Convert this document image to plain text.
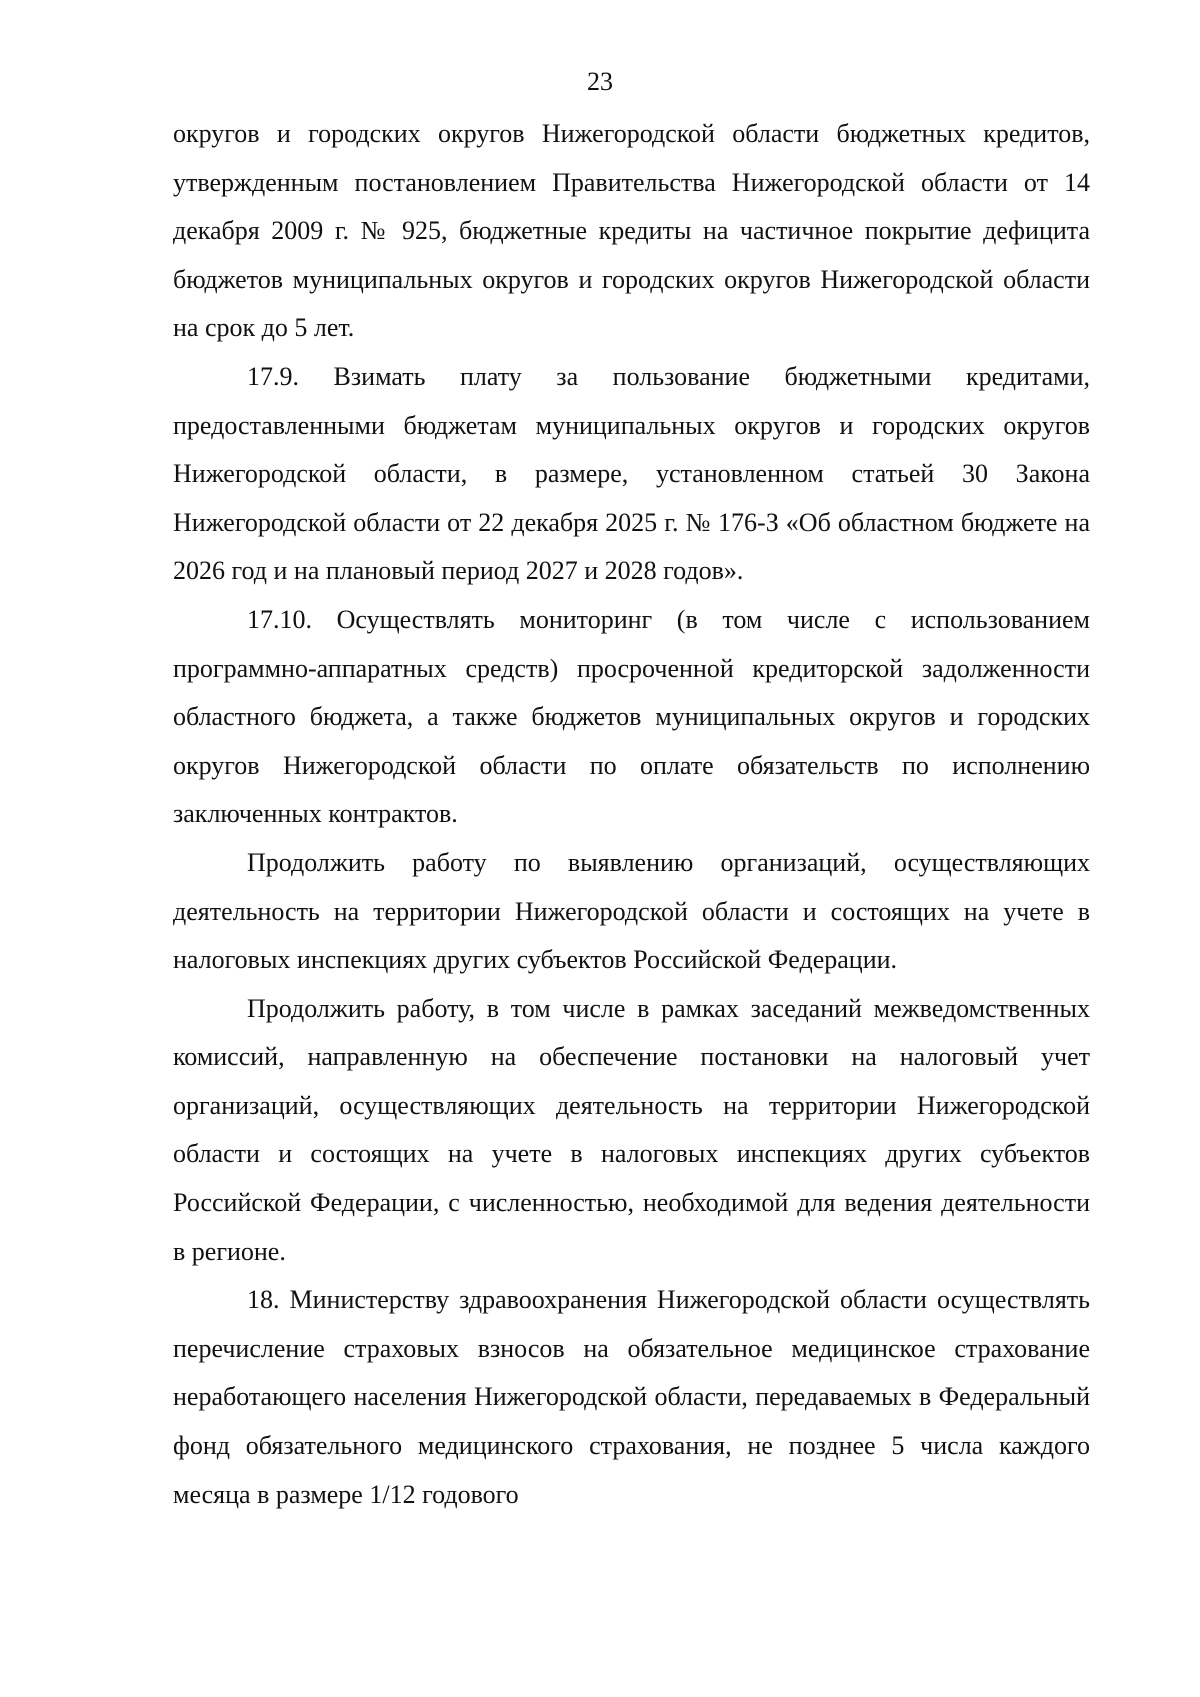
23

округов и городских округов Нижегородской области бюджетных кредитов, утвержденным постановлением Правительства Нижегородской области от 14 декабря 2009 г. № 925, бюджетные кредиты на частичное покрытие дефицита бюджетов муниципальных округов и городских округов Нижегородской области на срок до 5 лет.

17.9. Взимать плату за пользование бюджетными кредитами, предоставленными бюджетам муниципальных округов и городских округов Нижегородской области, в размере, установленном статьей 30 Закона Нижегородской области от 22 декабря 2025 г. № 176-З «Об областном бюджете на 2026 год и на плановый период 2027 и 2028 годов».

17.10. Осуществлять мониторинг (в том числе с использованием программно-аппаратных средств) просроченной кредиторской задолженности областного бюджета, а также бюджетов муниципальных округов и городских округов Нижегородской области по оплате обязательств по исполнению заключенных контрактов.

Продолжить работу по выявлению организаций, осуществляющих деятельность на территории Нижегородской области и состоящих на учете в налоговых инспекциях других субъектов Российской Федерации.

Продолжить работу, в том числе в рамках заседаний межведомственных комиссий, направленную на обеспечение постановки на налоговый учет организаций, осуществляющих деятельность на территории Нижегородской области и состоящих на учете в налоговых инспекциях других субъектов Российской Федерации, с численностью, необходимой для ведения деятельности в регионе.

18. Министерству здравоохранения Нижегородской области осуществлять перечисление страховых взносов на обязательное медицинское страхование неработающего населения Нижегородской области, передаваемых в Федеральный фонд обязательного медицинского страхования, не позднее 5 числа каждого месяца в размере 1/12 годового
